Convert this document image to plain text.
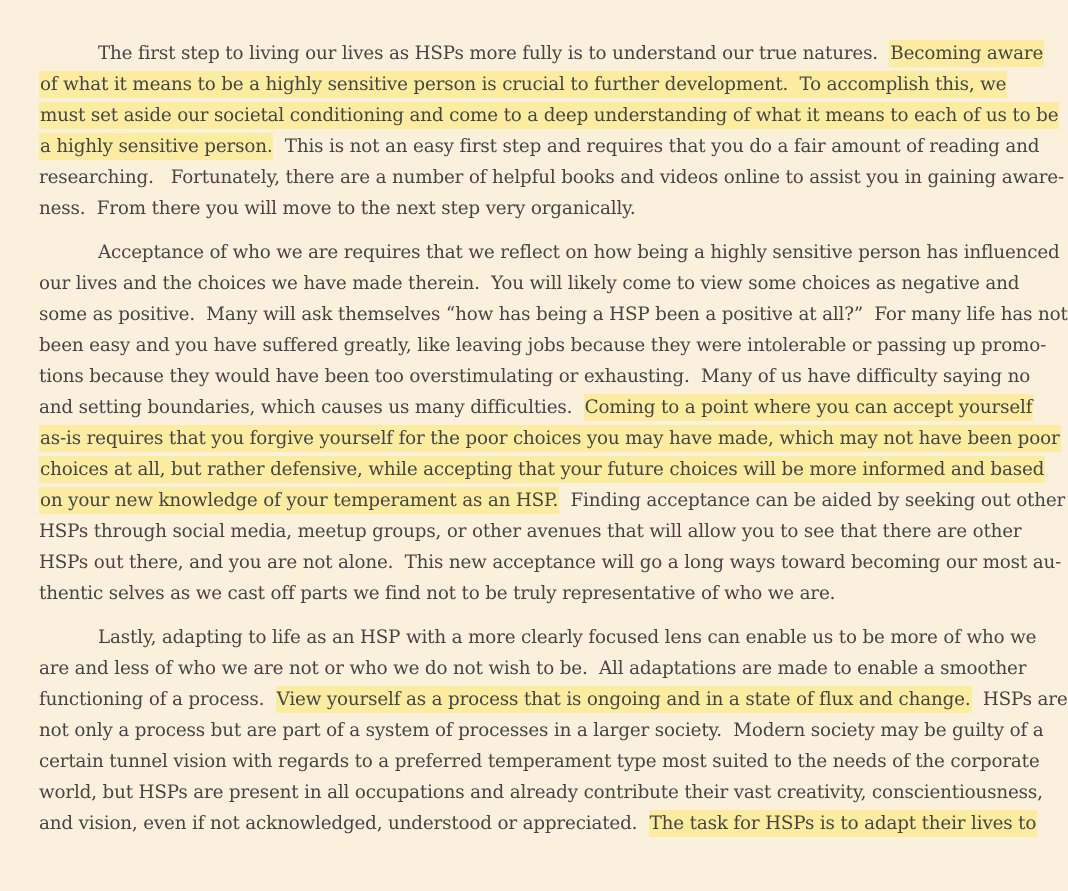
The first step to living our lives as HSPs more fully is to understand our true natures.  Becoming aware
of what it means to be a highly sensitive person is crucial to further development.  To accomplish this, we
must set aside our societal conditioning and come to a deep understanding of what it means to each of us to be
a highly sensitive person.  This is not an easy first step and requires that you do a fair amount of reading and
researching.   Fortunately, there are a number of helpful books and videos online to assist you in gaining aware-
ness.  From there you will move to the next step very organically.
Acceptance of who we are requires that we reflect on how being a highly sensitive person has influenced
our lives and the choices we have made therein.  You will likely come to view some choices as negative and
some as positive.  Many will ask themselves “how has being a HSP been a positive at all?”  For many life has not
been easy and you have suffered greatly, like leaving jobs because they were intolerable or passing up promo-
tions because they would have been too overstimulating or exhausting.  Many of us have difficulty saying no
and setting boundaries, which causes us many difficulties.  Coming to a point where you can accept yourself
as-is requires that you forgive yourself for the poor choices you may have made, which may not have been poor
choices at all, but rather defensive, while accepting that your future choices will be more informed and based
on your new knowledge of your temperament as an HSP.  Finding acceptance can be aided by seeking out other
HSPs through social media, meetup groups, or other avenues that will allow you to see that there are other
HSPs out there, and you are not alone.  This new acceptance will go a long ways toward becoming our most au-
thentic selves as we cast off parts we find not to be truly representative of who we are.
Lastly, adapting to life as an HSP with a more clearly focused lens can enable us to be more of who we
are and less of who we are not or who we do not wish to be.  All adaptations are made to enable a smoother
functioning of a process.  View yourself as a process that is ongoing and in a state of flux and change.  HSPs are
not only a process but are part of a system of processes in a larger society.  Modern society may be guilty of a
certain tunnel vision with regards to a preferred temperament type most suited to the needs of the corporate
world, but HSPs are present in all occupations and already contribute their vast creativity, conscientiousness,
and vision, even if not acknowledged, understood or appreciated.  The task for HSPs is to adapt their lives to
